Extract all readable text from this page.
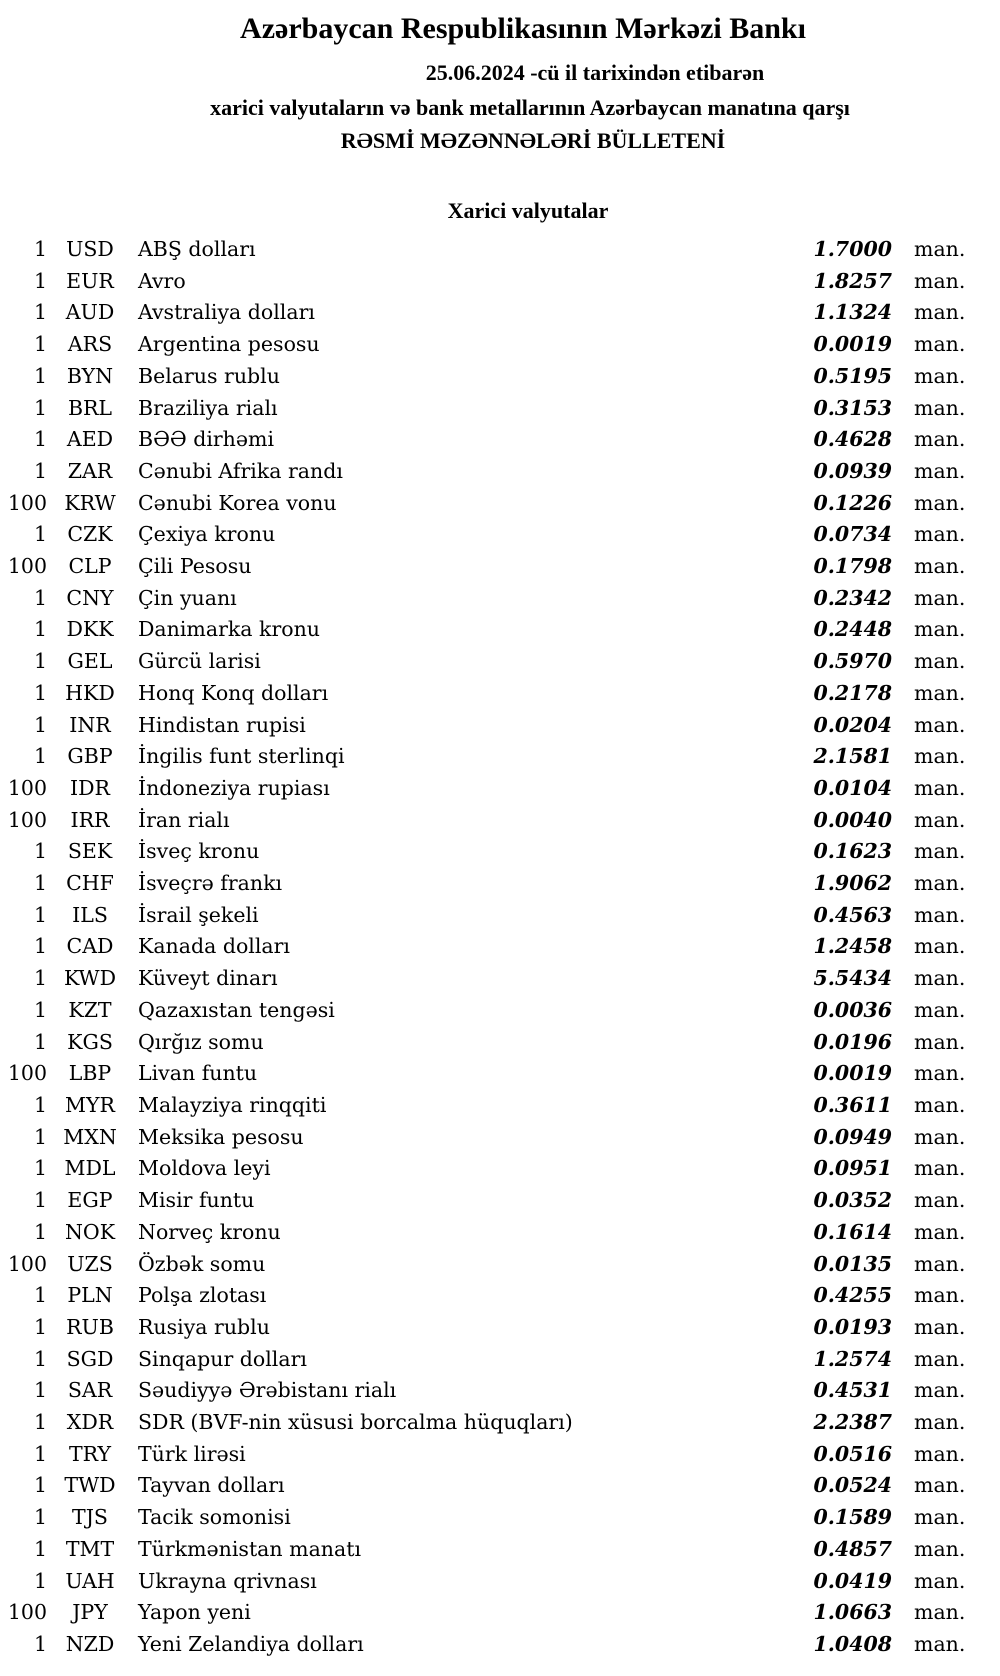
Azərbaycan Respublikasının Mərkəzi Bankı

25.06.2024 -cü il tarixindən etibarən

xarici valyutaların və bank metallarının Azərbaycan manatına qarşı

RƏSMİ MƏZƏNNƏLƏRİ BÜLLETENİ

Xarici valyutalar
1 USD	ABŞ dolları	1.7000	man.
1 EUR	Avro	1.8257	man.
1 AUD	Avstraliya dolları	1.1324	man.
1	ARS	Argentina pesosu	0.0019	man.
1 BYN	Belarus rublu	0.5195	man.
1	BRL	Braziliya rialı	0.3153	man.
1 AED	BƏƏ dirhəmi	0.4628	man.
1	ZAR	Cənubi Afrika randı	0.0939	man.
100 KRW	Cənubi Korea vonu	0.1226	man.
1 CZK	Çexiya kronu	0.0734	man.
100	CLP	Çili Pesosu	0.1798	man.
1 CNY	Çin yuanı	0.2342	man.
1 DKK	Danimarka kronu	0.2448	man.
1	GEL	Gürcü larisi	0.5970	man.
1 HKD	Honq Konq dolları	0.2178	man.
1	INR	Hindistan rupisi	0.0204	man.
1 GBP	İngilis funt sterlinqi	2.1581	man.
100	IDR	İndoneziya rupiası	0.0104	man.
100	IRR	İran rialı	0.0040	man.
1	SEK	İsveç kronu	0.1623	man.
1 CHF	İsveçrə frankı	1.9062	man.
1	ILS	İsrail şekeli	0.4563	man.
1 CAD	Kanada dolları	1.2458	man.
1 KWD	Küveyt dinarı	5.5434	man.
1	KZT	Qazaxıstan tengəsi	0.0036	man.
1 KGS	Qırğız somu	0.0196	man.
100	LBP	Livan funtu	0.0019	man.
1 MYR	Malayziya rinqqiti	0.3611	man.
1 MXN	Meksika pesosu	0.0949	man.
1 MDL	Moldova leyi	0.0951	man.
1 EGP	Misir funtu	0.0352	man.
1 NOK	Norveç kronu	0.1614	man.
100 UZS	Özbək somu	0.0135	man.
1 PLN	Polşa zlotası	0.4255	man.
1 RUB	Rusiya rublu	0.0193	man.
1 SGD	Sinqapur dolları	1.2574	man.
1	SAR	Səudiyyə Ərəbistanı rialı	0.4531	man.
1 XDR	SDR (BVF-nin xüsusi borcalma hüquqları)	2.2387	man.
1	TRY	Türk lirəsi	0.0516	man.
1 TWD	Tayvan dolları	0.0524	man.
1	TJS	Tacik somonisi	0.1589	man.
1 TMT	Türkmənistan manatı	0.4857	man.
1 UAH	Ukrayna qrivnası	0.0419	man.
100	JPY	Yapon yeni	1.0663	man.
1 NZD	Yeni Zelandiya dolları	1.0408	man.
